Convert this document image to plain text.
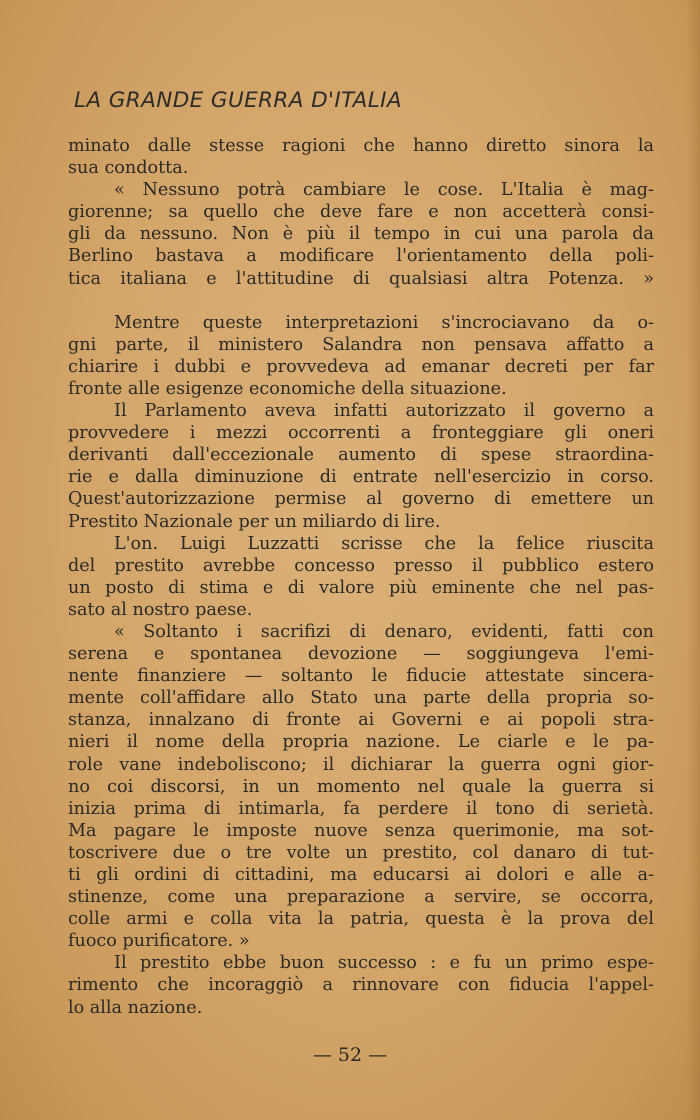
LA GRANDE GUERRA D'ITALIA
minato dalle stesse ragioni che hanno diretto sinora la
sua condotta.
« Nessuno potrà cambiare le cose. L'Italia è mag-
giorenne; sa quello che deve fare e non accetterà consi-
gli da nessuno. Non è più il tempo in cui una parola da
Berlino bastava a modificare l'orientamento della poli-
tica italiana e l'attitudine di qualsiasi altra Potenza. »
Mentre queste interpretazioni s'incrociavano da o-
gni parte, il ministero Salandra non pensava affatto a
chiarire i dubbi e provvedeva ad emanar decreti per far
fronte alle esigenze economiche della situazione.
Il Parlamento aveva infatti autorizzato il governo a
provvedere i mezzi occorrenti a fronteggiare gli oneri
derivanti dall'eccezionale aumento di spese straordina-
rie e dalla diminuzione di entrate nell'esercizio in corso.
Quest'autorizzazione permise al governo di emettere un
Prestito Nazionale per un miliardo di lire.
L'on. Luigi Luzzatti scrisse che la felice riuscita
del prestito avrebbe concesso presso il pubblico estero
un posto di stima e di valore più eminente che nel pas-
sato al nostro paese.
« Soltanto i sacrifizi di denaro, evidenti, fatti con
serena e spontanea devozione — soggiungeva l'emi-
nente finanziere — soltanto le fiducie attestate sincera-
mente coll'affidare allo Stato una parte della propria so-
stanza, innalzano di fronte ai Governi e ai popoli stra-
nieri il nome della propria nazione. Le ciarle e le pa-
role vane indeboliscono; il dichiarar la guerra ogni gior-
no coi discorsi, in un momento nel quale la guerra si
inizia prima di intimarla, fa perdere il tono di serietà.
Ma pagare le imposte nuove senza querimonie, ma sot-
toscrivere due o tre volte un prestito, col danaro di tut-
ti gli ordini di cittadini, ma educarsi ai dolori e alle a-
stinenze, come una preparazione a servire, se occorra,
colle armi e colla vita la patria, questa è la prova del
fuoco purificatore. »
Il prestito ebbe buon successo : e fu un primo espe-
rimento che incoraggiò a rinnovare con fiducia l'appel-
lo alla nazione.
— 52 —
